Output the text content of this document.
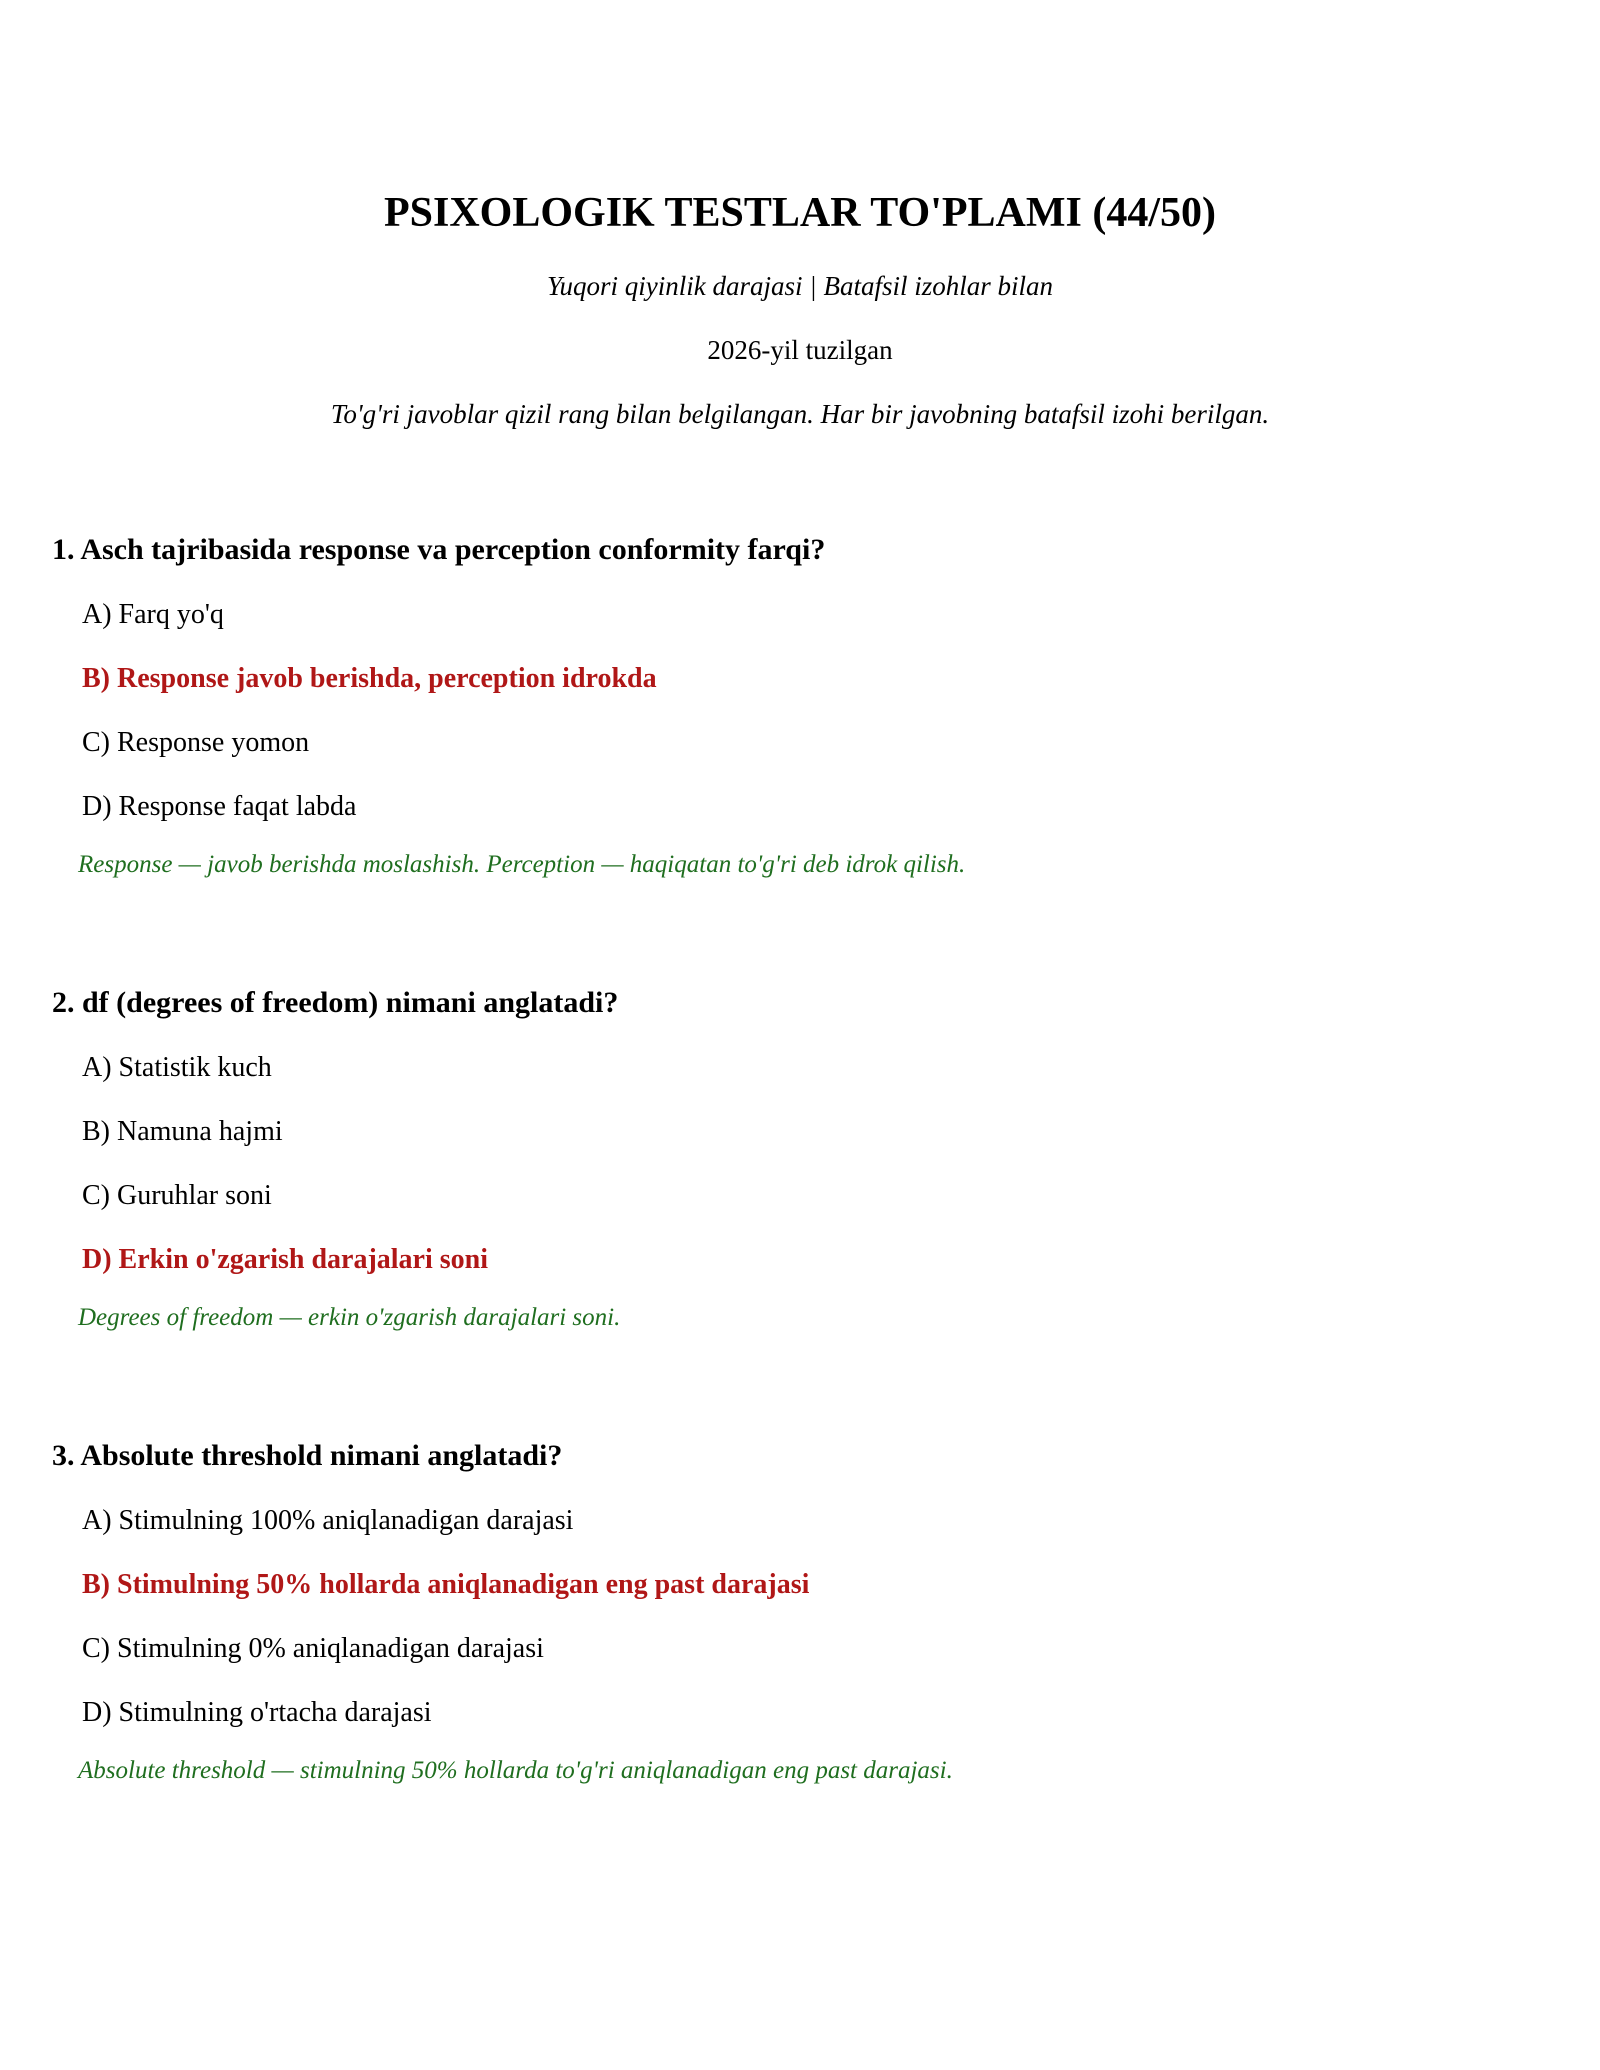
PSIXOLOGIK TESTLAR TO'PLAMI (44/50)
Yuqori qiyinlik darajasi | Batafsil izohlar bilan
2026-yil tuzilgan
To'g'ri javoblar qizil rang bilan belgilangan. Har bir javobning batafsil izohi berilgan.

1. Asch tajribasida response va perception conformity farqi?

A) Farq yo'q
B) Response javob berishda, perception idrokda
C) Response yomon
D) Response faqat labda
Response — javob berishda moslashish. Perception — haqiqatan to'g'ri deb idrok qilish.

2. df (degrees of freedom) nimani anglatadi?

A) Statistik kuch
B) Namuna hajmi
C) Guruhlar soni
D) Erkin o'zgarish darajalari soni
Degrees of freedom — erkin o'zgarish darajalari soni.

3. Absolute threshold nimani anglatadi?

A) Stimulning 100% aniqlanadigan darajasi
B) Stimulning 50% hollarda aniqlanadigan eng past darajasi
C) Stimulning 0% aniqlanadigan darajasi
D) Stimulning o'rtacha darajasi
Absolute threshold — stimulning 50% hollarda to'g'ri aniqlanadigan eng past darajasi.
